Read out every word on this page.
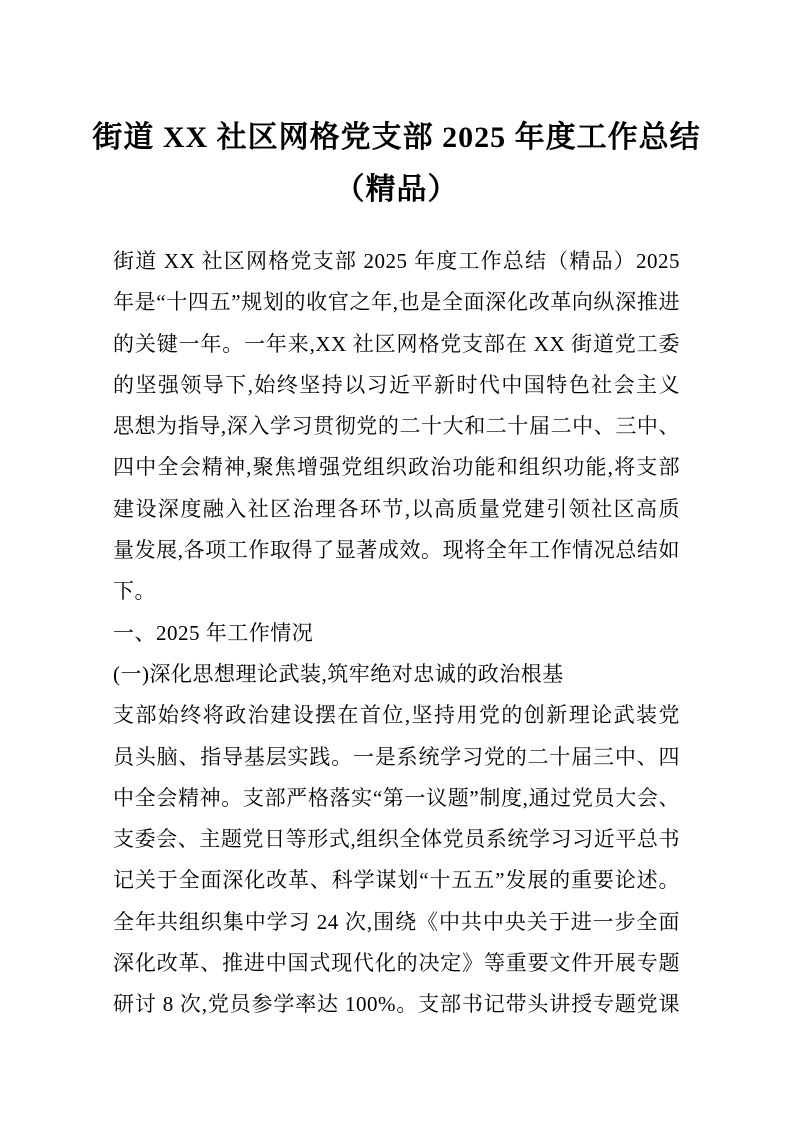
街道 XX 社区网格党支部 2025 年度工作总结
（精品）
街道 XX 社区网格党支部 2025 年度工作总结（精品）2025
年是“十四五”规划的收官之年,也是全面深化改革向纵深推进
的关键一年。一年来,XX 社区网格党支部在 XX 街道党工委
的坚强领导下,始终坚持以习近平新时代中国特色社会主义
思想为指导,深入学习贯彻党的二十大和二十届二中、三中、
四中全会精神,聚焦增强党组织政治功能和组织功能,将支部
建设深度融入社区治理各环节,以高质量党建引领社区高质
量发展,各项工作取得了显著成效。现将全年工作情况总结如
下。
一、2025 年工作情况
(一)深化思想理论武装,筑牢绝对忠诚的政治根基
支部始终将政治建设摆在首位,坚持用党的创新理论武装党
员头脑、指导基层实践。一是系统学习党的二十届三中、四
中全会精神。支部严格落实“第一议题”制度,通过党员大会、
支委会、主题党日等形式,组织全体党员系统学习习近平总书
记关于全面深化改革、科学谋划“十五五”发展的重要论述。
全年共组织集中学习 24 次,围绕《中共中央关于进一步全面
深化改革、推进中国式现代化的决定》等重要文件开展专题
研讨 8 次,党员参学率达 100%。支部书记带头讲授专题党课
